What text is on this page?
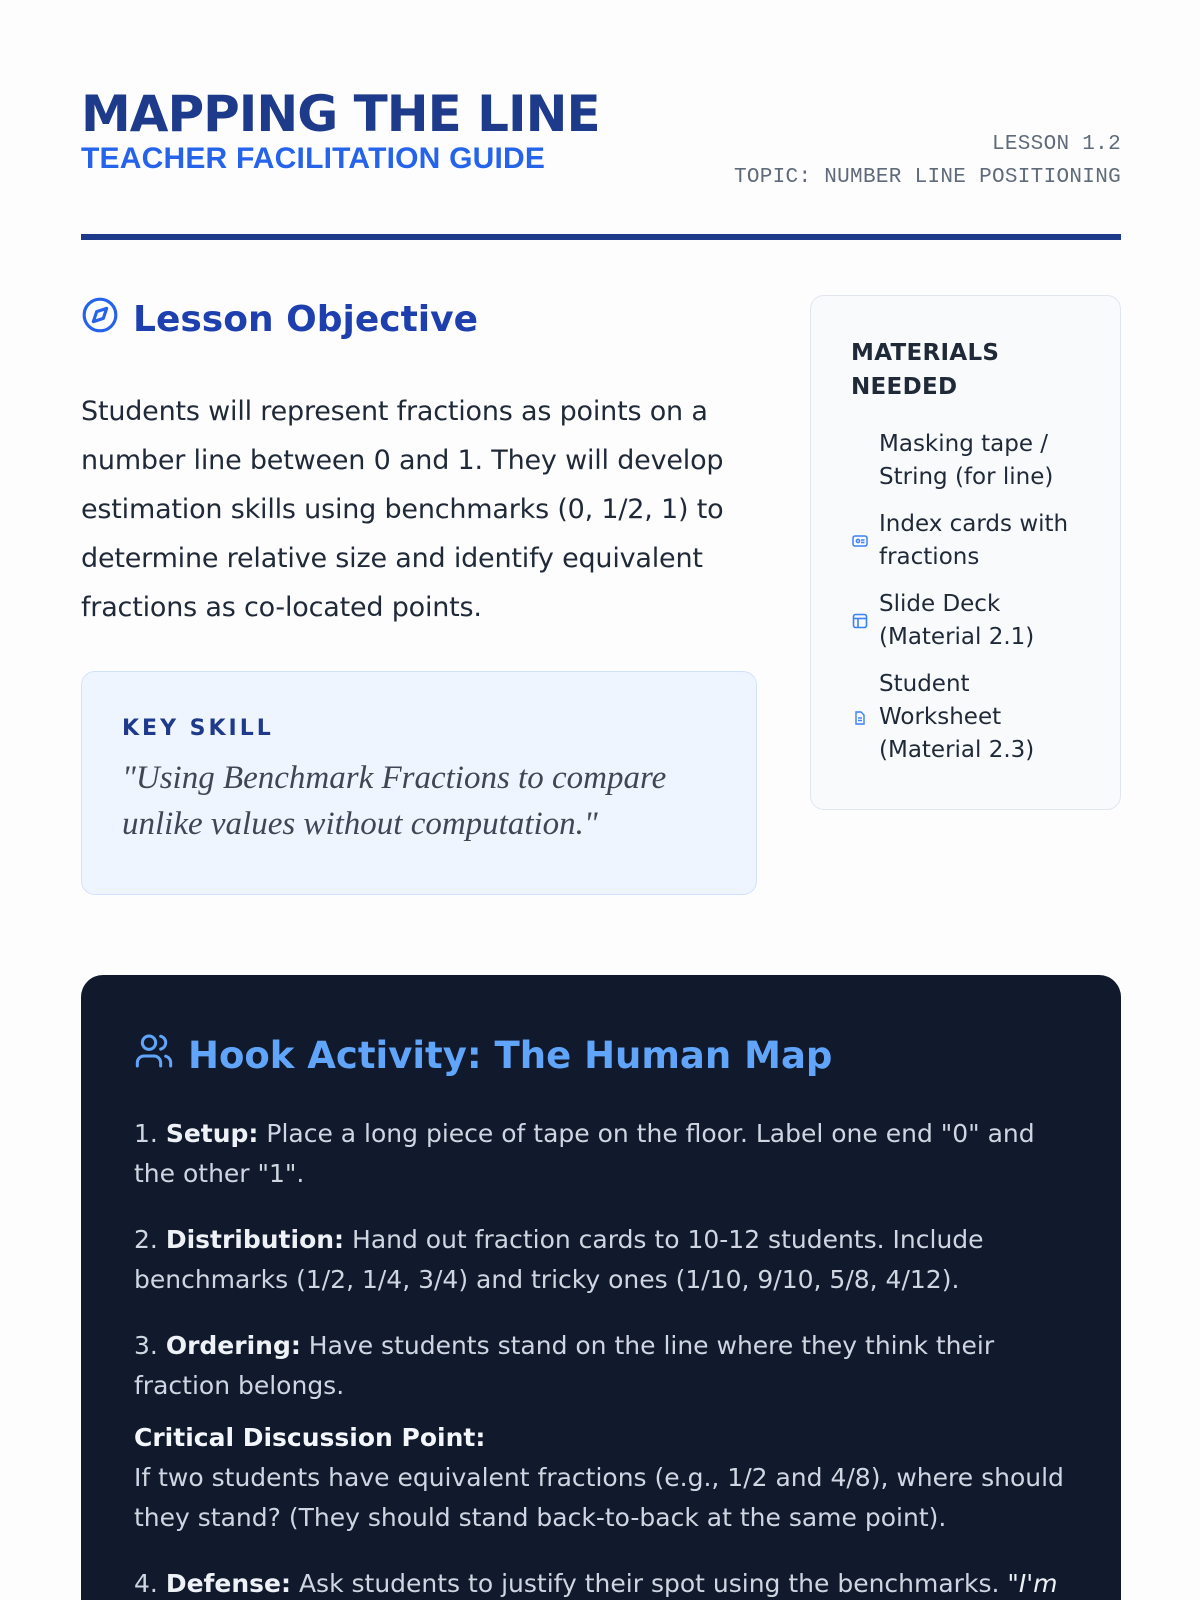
MAPPING THE LINE
TEACHER FACILITATION GUIDE	LESSON 1.2
TOPIC: NUMBER LINE POSITIONING
Lesson Objective

Students will represent fractions as points on a number line between 0 and 1. They will develop estimation skills using benchmarks (0, 1/2, 1) to determine relative size and identify equivalent fractions as co-located points.

KEY SKILL
"Using Benchmark Fractions to compare unlike values without computation."
MATERIALS NEEDED
Masking tape / String (for line)
Index cards with fractions
Slide Deck (Material 2.1)
Student Worksheet (Material 2.3)
Hook Activity: The Human Map

1. Setup: Place a long piece of tape on the floor. Label one end "0" and the other "1".

2. Distribution: Hand out fraction cards to 10-12 students. Include benchmarks (1/2, 1/4, 3/4) and tricky ones (1/10, 9/10, 5/8, 4/12).

3. Ordering: Have students stand on the line where they think their fraction belongs.

Critical Discussion Point:
If two students have equivalent fractions (e.g., 1/2 and 4/8), where should they stand? (They should stand back-to-back at the same point).

4. Defense: Ask students to justify their spot using the benchmarks. "I'm
